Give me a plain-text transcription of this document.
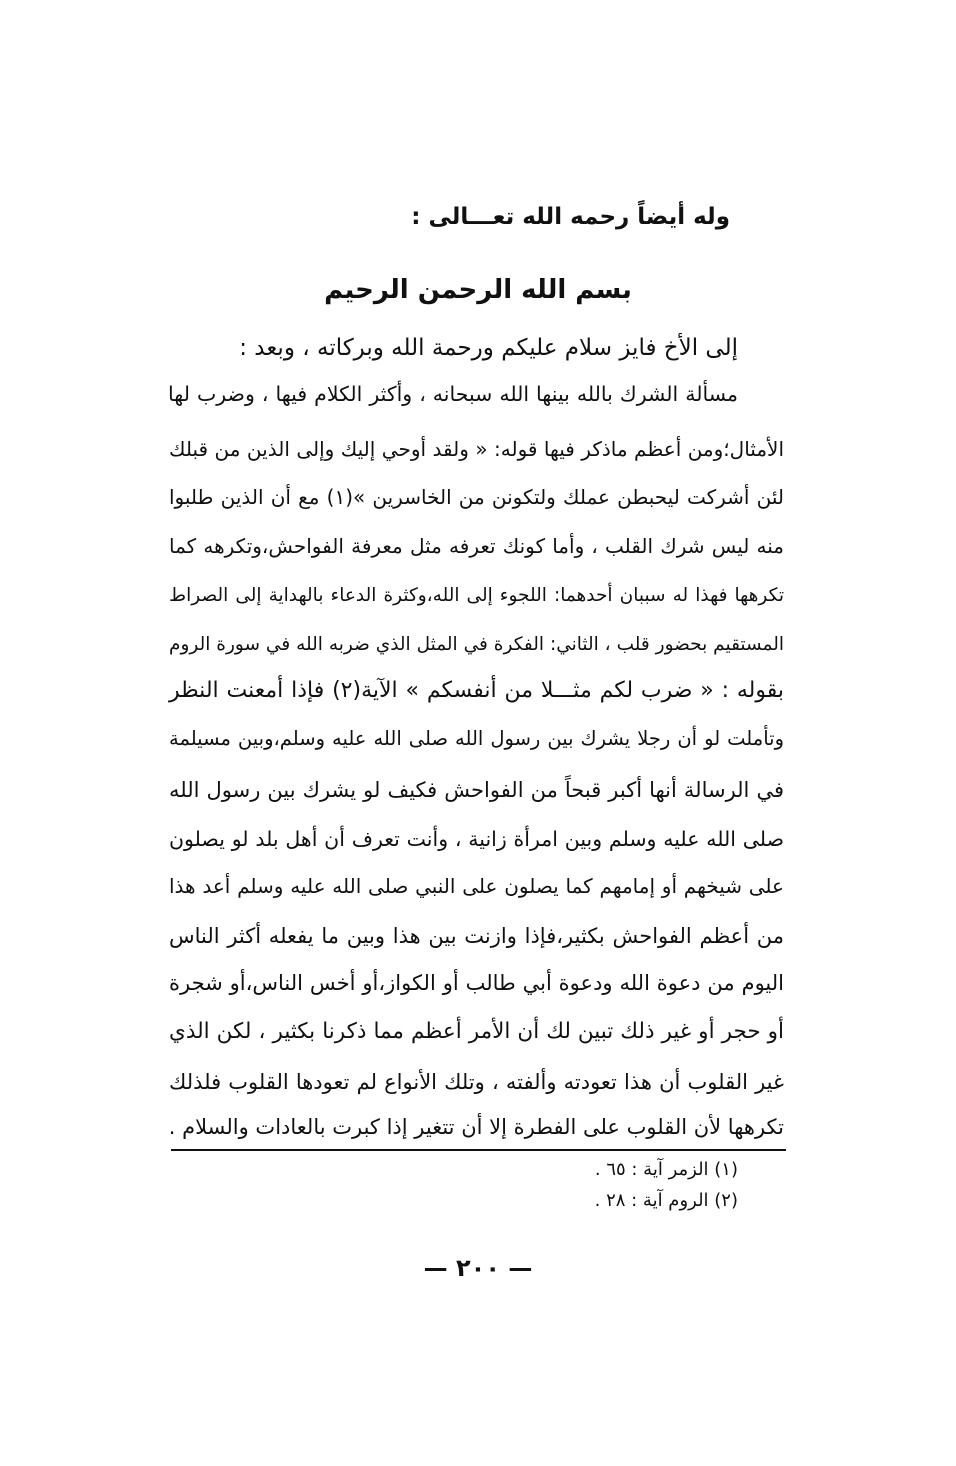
وله أيضاً رحمه الله تعـــالى :
بسم الله الرحمن الرحيم
إلى الأخ فايز سلام عليكم ورحمة الله وبركاته ، وبعد :
مسألة الشرك بالله بينها الله سبحانه ، وأكثر الكلام فيها ، وضرب لها
الأمثال؛ومن أعظم ماذكر فيها قوله: « ولقد أوحي إليك وإلى الذين من قبلك
لئن أشركت ليحبطن عملك ولتكونن من الخاسرين »(١) مع أن الذين طلبوا
منه ليس شرك القلب ، وأما كونك تعرفه مثل معرفة الفواحش،وتكرهه كما
تكرهها فهذا له سببان أحدهما: اللجوء إلى الله،وكثرة الدعاء بالهداية إلى الصراط
المستقيم بحضور قلب ، الثاني: الفكرة في المثل الذي ضربه الله في سورة الروم
بقوله : « ضرب لكم مثـــلا من أنفسكم » الآية(٢) فإذا أمعنت النظر
وتأملت لو أن رجلا يشرك بين رسول الله صلى الله عليه وسلم،وبين مسيلمة
في الرسالة أنها أكبر قبحاً من الفواحش فكيف لو يشرك بين رسول الله
صلى الله عليه وسلم وبين امرأة زانية ، وأنت تعرف أن أهل بلد لو يصلون
على شيخهم أو إمامهم كما يصلون على النبي صلى الله عليه وسلم أعد هذا
من أعظم الفواحش بكثير،فإذا وازنت بين هذا وبين ما يفعله أكثر الناس
اليوم من دعوة الله ودعوة أبي طالب أو الكواز،أو أخس الناس،أو شجرة
أو حجر أو غير ذلك تبين لك أن الأمر أعظم مما ذكرنا بكثير ، لكن الذي
غير القلوب أن هذا تعودته وألفته ، وتلك الأنواع لم تعودها القلوب فلذلك
تكرهها لأن القلوب على الفطرة إلا أن تتغير إذا كبرت بالعادات والسلام .
(١) الزمر آية : ٦٥ .
(٢) الروم آية : ٢٨ .
— ٢٠٠ —
